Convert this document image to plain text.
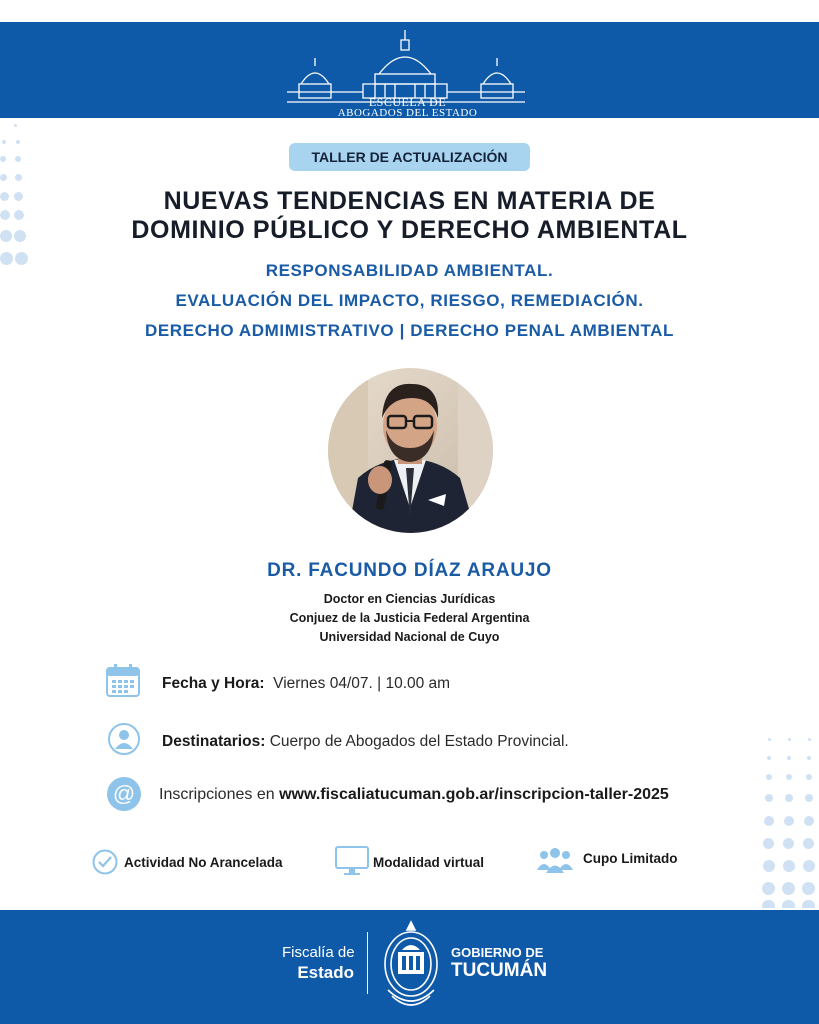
ESCUELA DE
ABOGADOS DEL ESTADO
TALLER DE ACTUALIZACIÓN
NUEVAS TENDENCIAS EN MATERIA DE
DOMINIO PÚBLICO Y DERECHO AMBIENTAL
RESPONSABILIDAD AMBIENTAL.
EVALUACIÓN DEL IMPACTO, RIESGO, REMEDIACIÓN.
DERECHO ADMIMISTRATIVO | DERECHO PENAL AMBIENTAL
DR. FACUNDO DÍAZ ARAUJO
Doctor en Ciencias Jurídicas
Conjuez de la Justicia Federal Argentina
Universidad Nacional de Cuyo
Fecha y Hora: Viernes 04/07. | 10.00 am
Destinatarios: Cuerpo de Abogados del Estado Provincial.
@ Inscripciones en www.fiscaliatucuman.gob.ar/inscripcion-taller-2025
Actividad No Arancelada	Modalidad virtual	Cupo Limitado
Fiscalía de
Estado
GOBIERNO DE
TUCUMÁN
